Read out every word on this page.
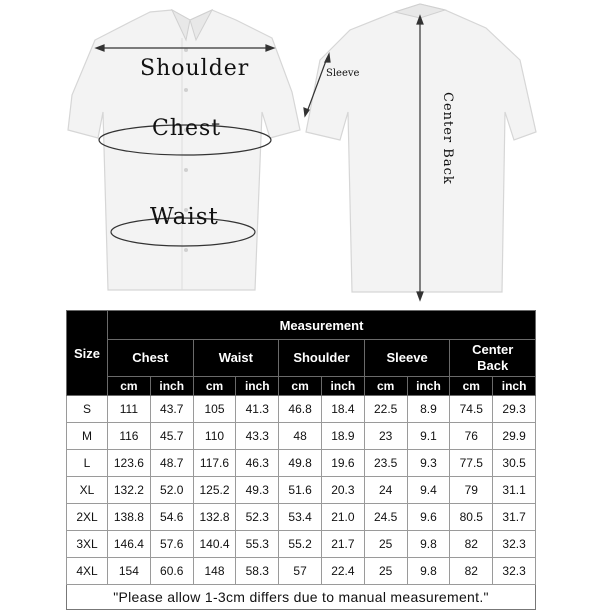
Shoulder
Chest
Waist
Sleeve
Center Back
Size	Measurement									
	Chest		Waist		Shoulder		Sleeve		Center Back	
	cm	inch	cm	inch	cm	inch	cm	inch	cm	inch
S	111	43.7	105	41.3	46.8	18.4	22.5	8.9	74.5	29.3
M	116	45.7	110	43.3	48	18.9	23	9.1	76	29.9
L	123.6	48.7	117.6	46.3	49.8	19.6	23.5	9.3	77.5	30.5
XL	132.2	52.0	125.2	49.3	51.6	20.3	24	9.4	79	31.1
2XL	138.8	54.6	132.8	52.3	53.4	21.0	24.5	9.6	80.5	31.7
3XL	146.4	57.6	140.4	55.3	55.2	21.7	25	9.8	82	32.3
4XL	154	60.6	148	58.3	57	22.4	25	9.8	82	32.3
"Please allow 1-3cm differs due to manual measurement."										
